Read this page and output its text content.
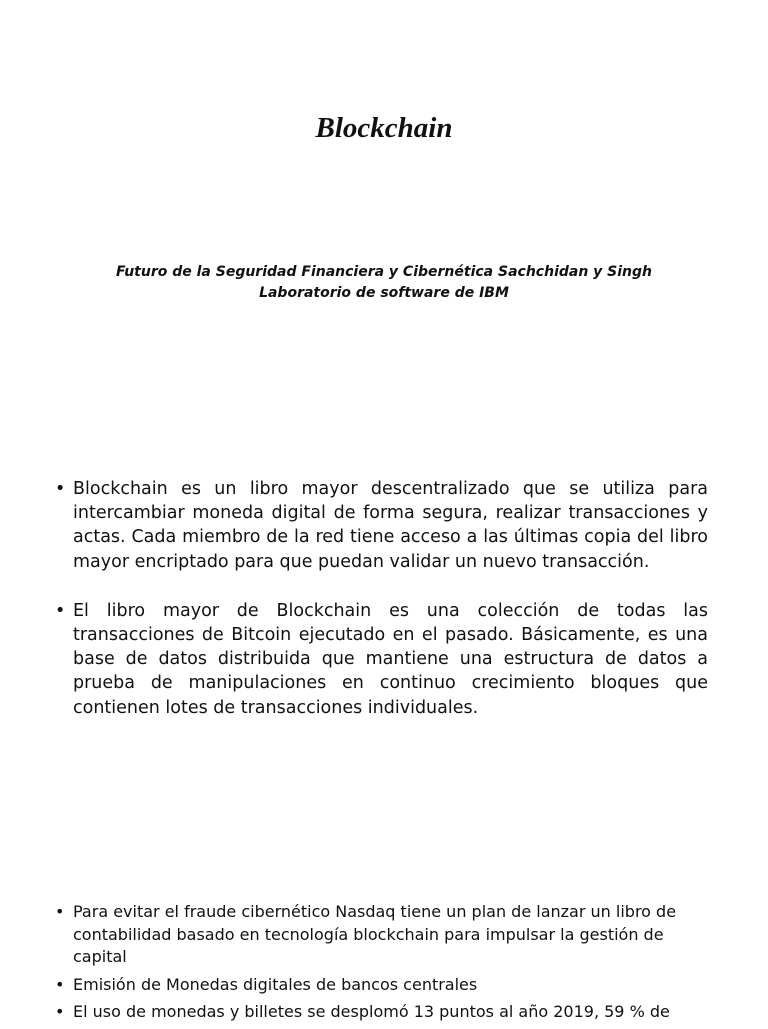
Blockchain
Futuro de la Seguridad Financiera y Cibernética Sachchidan y Singh
Laboratorio de software de IBM
• Blockchain es un libro mayor descentralizado que se utiliza para intercambiar moneda digital de forma segura, realizar transacciones y actas. Cada miembro de la red tiene acceso a las últimas copia del libro mayor encriptado para que puedan validar un nuevo transacción.
• El libro mayor de Blockchain es una colección de todas las transacciones de Bitcoin ejecutado en el pasado. Básicamente, es una base de datos distribuida que mantiene una estructura de datos a prueba de manipulaciones en continuo crecimiento bloques que contienen lotes de transacciones individuales.
• Para evitar el fraude cibernético Nasdaq tiene un plan de lanzar un libro de contabilidad basado en tecnología blockchain para impulsar la gestión de capital
• Emisión de Monedas digitales de bancos centrales
• El uso de monedas y billetes se desplomó 13 puntos al año 2019, 59 % de
